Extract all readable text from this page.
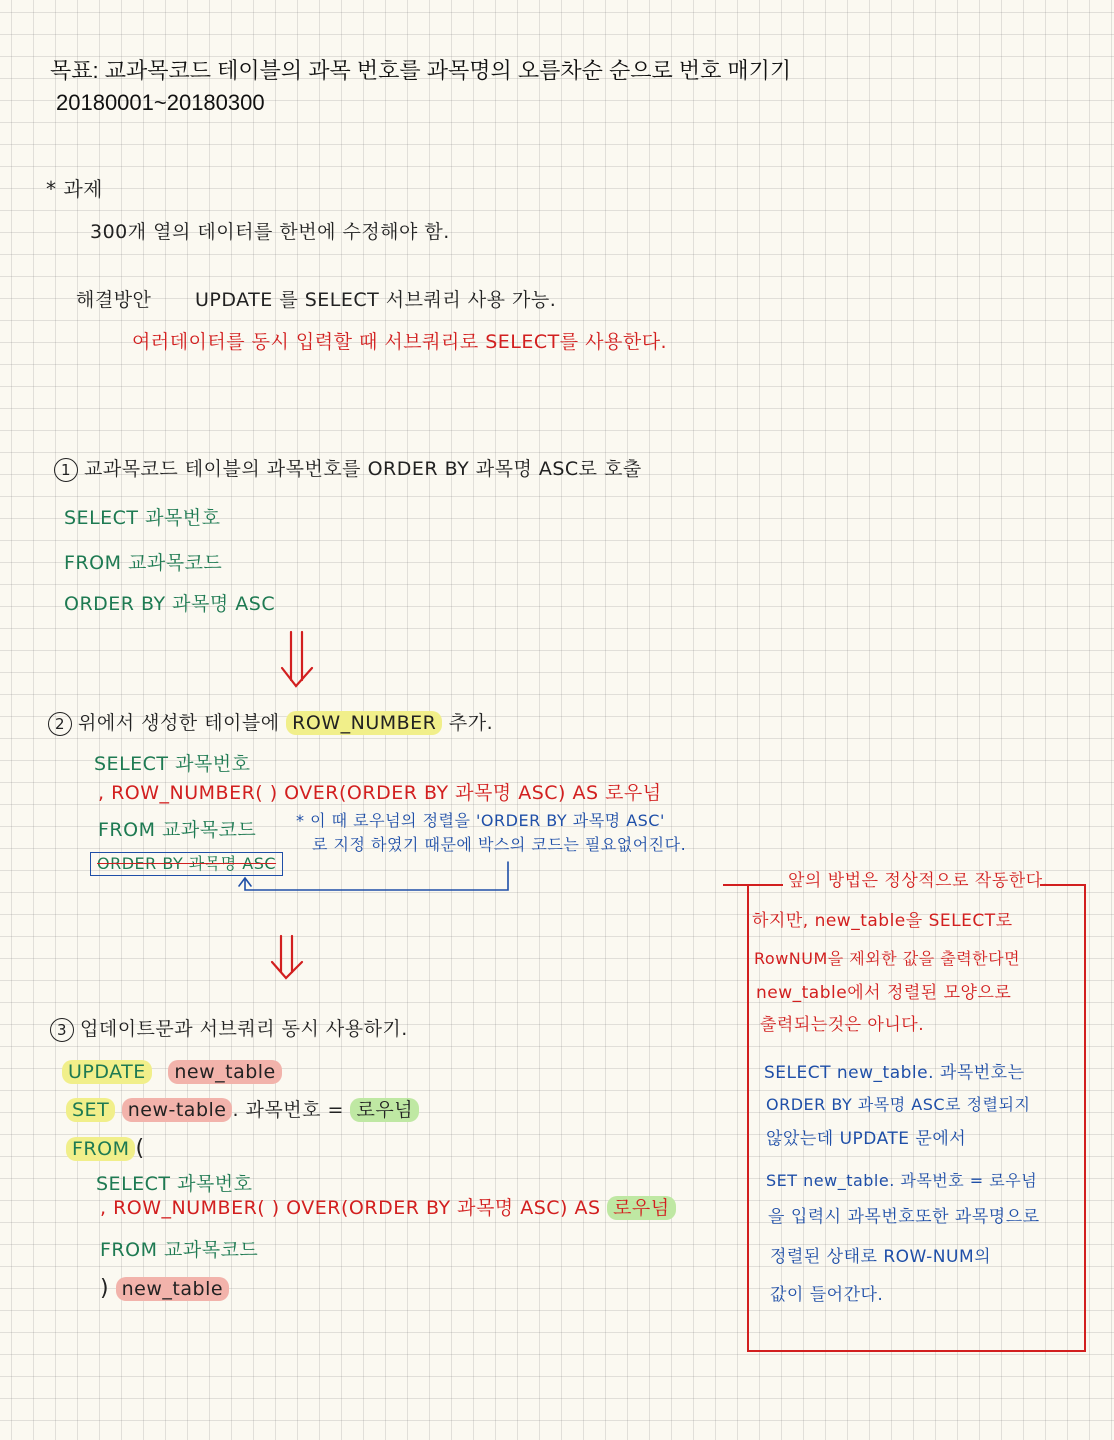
목표: 교과목코드 테이블의 과목 번호를 과목명의 오름차순 순으로 번호 매기기

20180001~20180300

* 과제

300개 열의 데이터를 한번에 수정해야 함.

해결방안 UPDATE 를 SELECT 서브쿼리 사용 가능.

여러데이터를 동시 입력할 때 서브쿼리로 SELECT를 사용한다.

1 교과목코드 테이블의 과목번호를 ORDER BY 과목명 ASC로 호출

SELECT 과목번호

FROM 교과목코드

ORDER BY 과목명 ASC

2 위에서 생성한 테이블에 ROW_NUMBER 추가.

SELECT 과목번호

, ROW_NUMBER( ) OVER(ORDER BY 과목명 ASC) AS 로우넘

FROM 교과목코드

ORDER BY 과목명 ASC

* 이 때 로우넘의 정렬을 'ORDER BY 과목명 ASC'

로 지정 하였기 때문에 박스의 코드는 필요없어진다.

3 업데이트문과 서브쿼리 동시 사용하기.

UPDATE new_table

SET new-table . 과목번호 = 로우넘

FROM (

SELECT 과목번호

, ROW_NUMBER( ) OVER(ORDER BY 과목명 ASC) AS 로우넘

FROM 교과목코드

) new_table

앞의 방법은 정상적으로 작동한다.

하지만, new_table을 SELECT로

RowNUM을 제외한 값을 출력한다면

new_table에서 정렬된 모양으로

출력되는것은 아니다.

SELECT new_table. 과목번호는

ORDER BY 과목명 ASC로 정렬되지

않았는데 UPDATE 문에서

SET new_table. 과목번호 = 로우넘

을 입력시 과목번호또한 과목명으로

정렬된 상태로 ROW-NUM의

값이 들어간다.
